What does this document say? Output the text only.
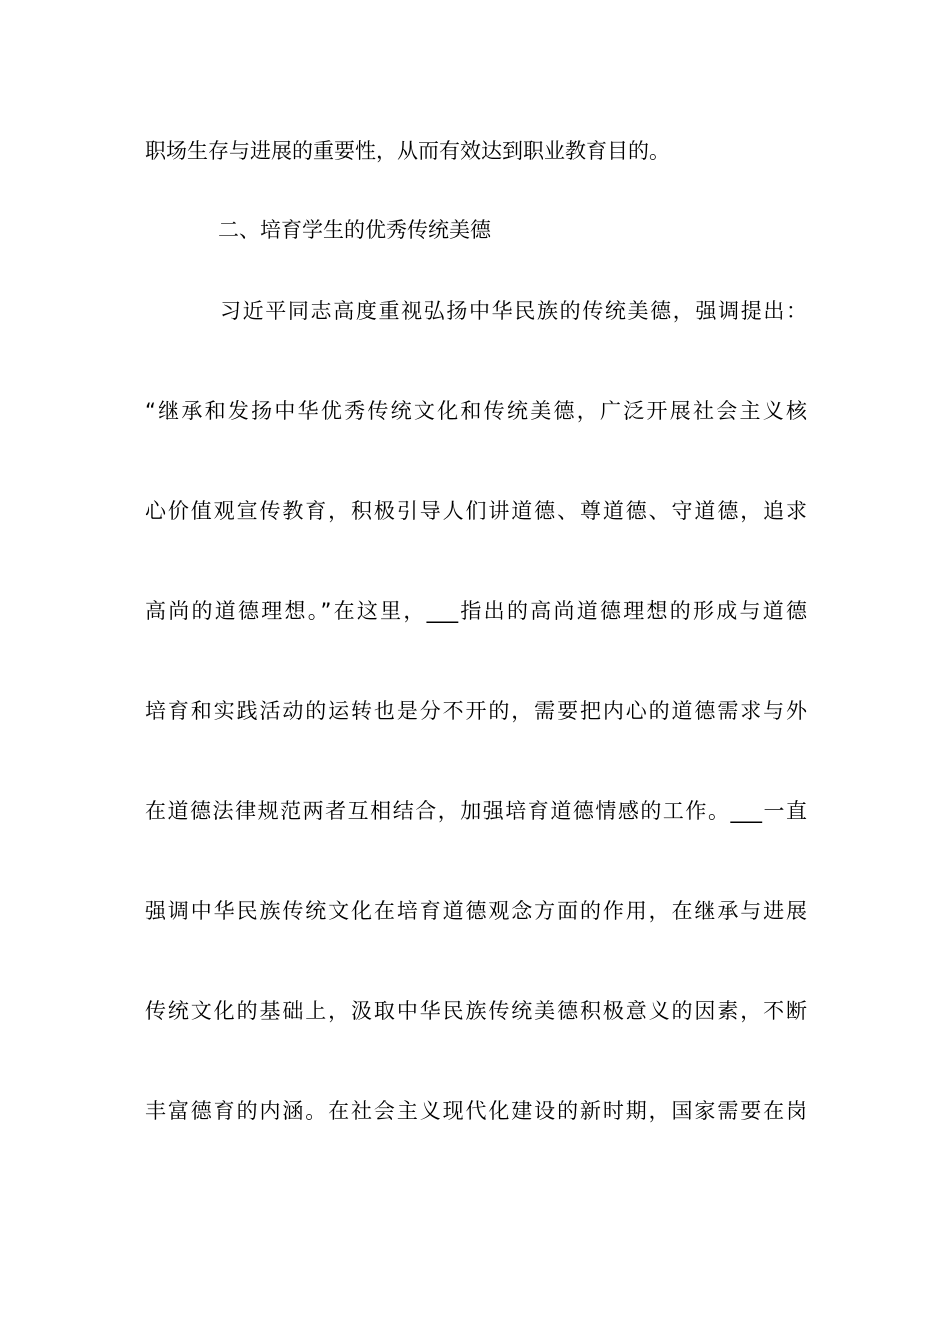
职场生存与进展的重要性，从而有效达到职业教育目的。
二、培育学生的优秀传统美德
习近平同志高度重视弘扬中华民族的传统美德，强调提出：
“继承和发扬中华优秀传统文化和传统美德，广泛开展社会主义核
心价值观宣传教育，积极引导人们讲道德、尊道德、守道德，追求
高尚的道德理想。”在这里，___指出的高尚道德理想的形成与道德
培育和实践活动的运转也是分不开的，需要把内心的道德需求与外
在道德法律规范两者互相结合，加强培育道德情感的工作。___一直
强调中华民族传统文化在培育道德观念方面的作用，在继承与进展
传统文化的基础上，汲取中华民族传统美德积极意义的因素，不断
丰富德育的内涵。在社会主义现代化建设的新时期，国家需要在岗
